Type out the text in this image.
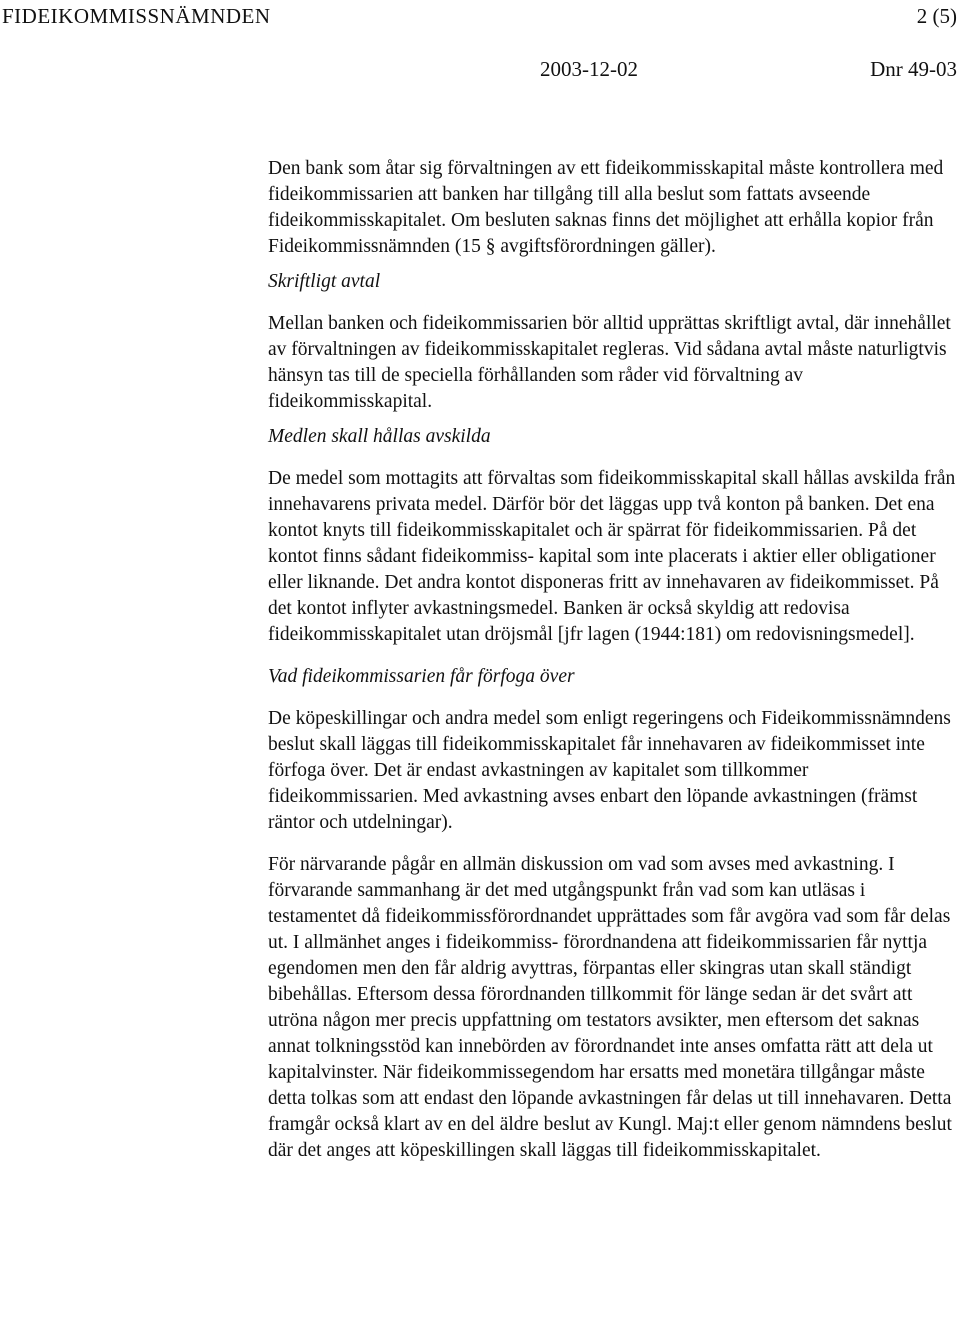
FIDEIKOMMISSNÄMNDEN	2 (5)
2003-12-02	Dnr 49-03

Den bank som åtar sig förvaltningen av ett fideikommisskapital måste kontrollera med fideikommissarien att banken har tillgång till alla beslut som fattats avseende fideikommisskapitalet. Om besluten saknas finns det möjlighet att erhålla kopior från Fideikommissnämnden (15 § avgiftsförordningen gäller).

Skriftligt avtal

Mellan banken och fideikommissarien bör alltid upprättas skriftligt avtal, där innehållet av förvaltningen av fideikommisskapitalet regleras. Vid sådana avtal måste naturligtvis hänsyn tas till de speciella förhållanden som råder vid förvaltning av fideikommisskapital.

Medlen skall hållas avskilda

De medel som mottagits att förvaltas som fideikommisskapital skall hållas avskilda från innehavarens privata medel. Därför bör det läggas upp två konton på banken. Det ena kontot knyts till fideikommisskapitalet och är spärrat för fideikommissarien. På det kontot finns sådant fideikommiss- kapital som inte placerats i aktier eller obligationer eller liknande. Det andra kontot disponeras fritt av innehavaren av fideikommisset. På det kontot inflyter avkastningsmedel. Banken är också skyldig att redovisa fideikommisskapitalet utan dröjsmål [jfr lagen (1944:181) om redovisningsmedel].

Vad fideikommissarien får förfoga över

De köpeskillingar och andra medel som enligt regeringens och Fideikommissnämndens beslut skall läggas till fideikommisskapitalet får innehavaren av fideikommisset inte förfoga över. Det är endast avkastningen av kapitalet som tillkommer fideikommissarien. Med avkastning avses enbart den löpande avkastningen (främst räntor och utdelningar).

För närvarande pågår en allmän diskussion om vad som avses med avkastning. I förvarande sammanhang är det med utgångspunkt från vad som kan utläsas i testamentet då fideikommissförordnandet upprättades som får avgöra vad som får delas ut. I allmänhet anges i fideikommiss- förordnandena att fideikommissarien får nyttja egendomen men den får aldrig avyttras, förpantas eller skingras utan skall ständigt bibehållas. Eftersom dessa förordnanden tillkommit för länge sedan är det svårt att utröna någon mer precis uppfattning om testators avsikter, men eftersom det saknas annat tolkningsstöd kan innebörden av förordnandet inte anses omfatta rätt att dela ut kapitalvinster. När fideikommissegendom har ersatts med monetära tillgångar måste detta tolkas som att endast den löpande avkastningen får delas ut till innehavaren. Detta framgår också klart av en del äldre beslut av Kungl. Maj:t eller genom nämndens beslut där det anges att köpeskillingen skall läggas till fideikommisskapitalet.
